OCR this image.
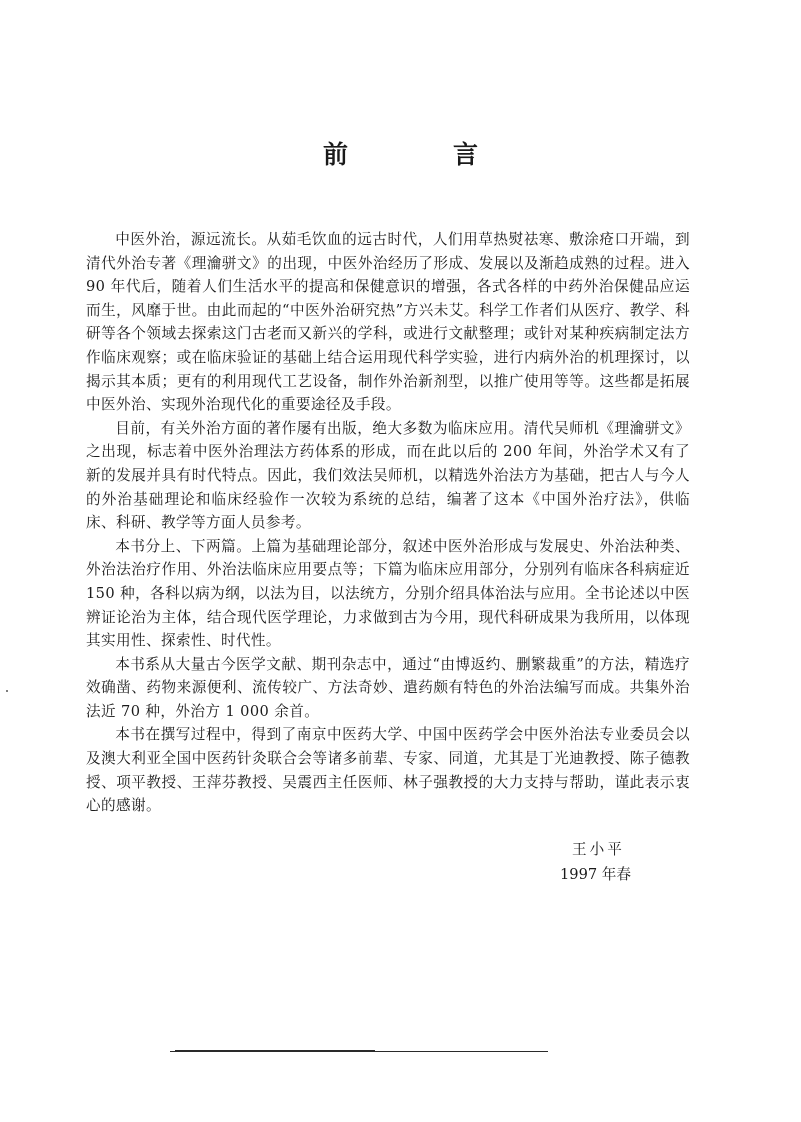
前　言

中医外治，源远流长。从茹毛饮血的远古时代，人们用草热熨祛寒、敷涂疮口开端，到清代外治专著《理瀹骈文》的出现，中医外治经历了形成、发展以及渐趋成熟的过程。进入 90 年代后，随着人们生活水平的提高和保健意识的增强，各式各样的中药外治保健品应运而生，风靡于世。由此而起的“中医外治研究热”方兴未艾。科学工作者们从医疗、教学、科研等各个领域去探索这门古老而又新兴的学科，或进行文献整理；或针对某种疾病制定法方作临床观察；或在临床验证的基础上结合运用现代科学实验，进行内病外治的机理探讨，以揭示其本质；更有的利用现代工艺设备，制作外治新剂型，以推广使用等等。这些都是拓展中医外治、实现外治现代化的重要途径及手段。

目前，有关外治方面的著作屡有出版，绝大多数为临床应用。清代吴师机《理瀹骈文》之出现，标志着中医外治理法方药体系的形成，而在此以后的 200 年间，外治学术又有了新的发展并具有时代特点。因此，我们效法吴师机，以精选外治法方为基础，把古人与今人的外治基础理论和临床经验作一次较为系统的总结，编著了这本《中国外治疗法》，供临床、科研、教学等方面人员参考。

本书分上、下两篇。上篇为基础理论部分，叙述中医外治形成与发展史、外治法种类、外治法治疗作用、外治法临床应用要点等；下篇为临床应用部分，分别列有临床各科病症近 150 种，各科以病为纲，以法为目，以法统方，分别介绍具体治法与应用。全书论述以中医辨证论治为主体，结合现代医学理论，力求做到古为今用，现代科研成果为我所用，以体现其实用性、探索性、时代性。

本书系从大量古今医学文献、期刊杂志中，通过“由博返约、删繁裁重”的方法，精选疗效确凿、药物来源便利、流传较广、方法奇妙、遣药颇有特色的外治法编写而成。共集外治法近 70 种，外治方 1 000 余首。

本书在撰写过程中，得到了南京中医药大学、中国中医药学会中医外治法专业委员会以及澳大利亚全国中医药针灸联合会等诸多前辈、专家、同道，尤其是丁光迪教授、陈子德教授、项平教授、王萍芬教授、吴震西主任医师、林子强教授的大力支持与帮助，谨此表示衷心的感谢。

王小平
1997 年春
